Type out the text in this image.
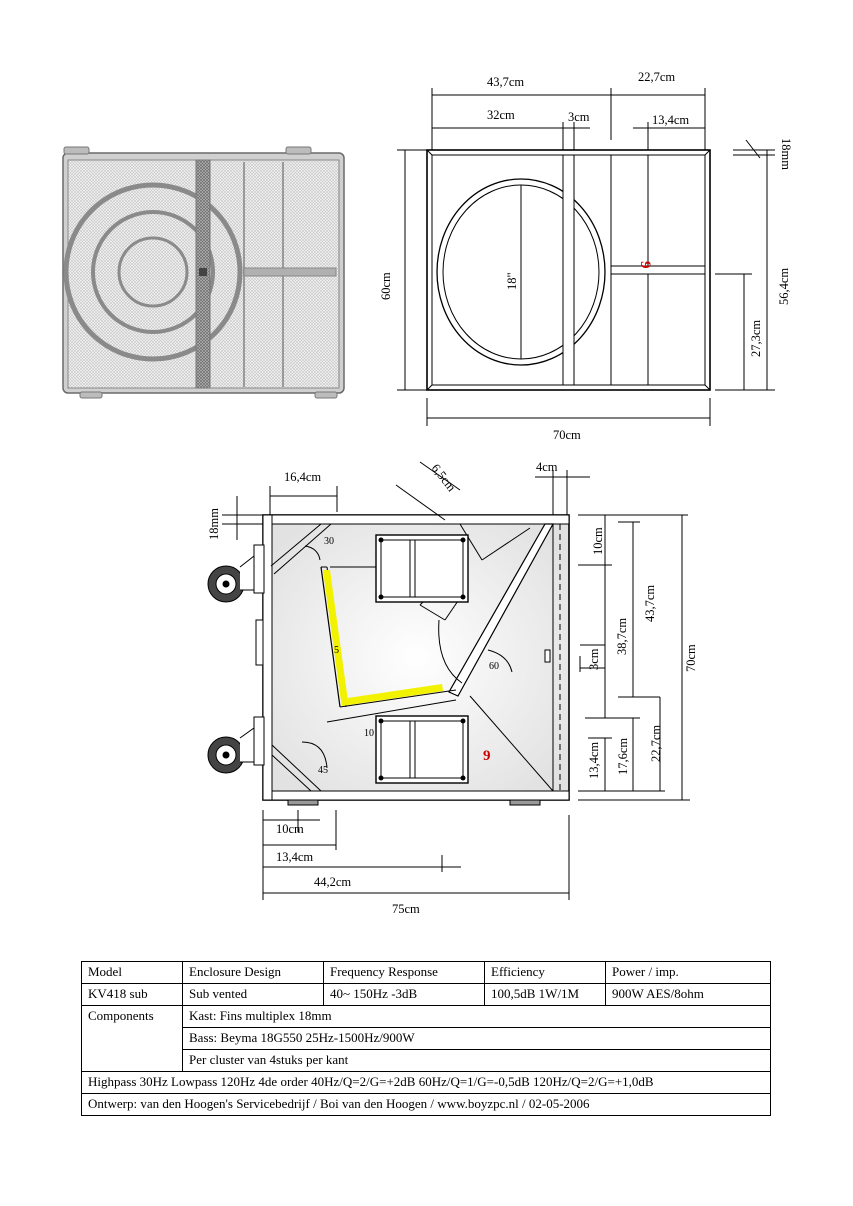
43,7cm	22,7cm
32cm	3cm	13,4cm
60cm
70cm
18mm
56,4cm
27,3cm
18"
9
16,4cm	6,5cm	4cm
18mm
30
5
10
60
45
9
10cm
38,7cm
43,7cm
70cm
3cm
13,4cm 17,6cm 22,7cm
10cm
13,4cm
44,2cm
75cm
Model	Enclosure Design	Frequency Response	Efficiency	Power / imp.
KV418 sub	Sub vented	40~ 150Hz -3dB	100,5dB 1W/1M	900W AES/8ohm
Components	Kast: Fins multiplex 18mm			
	Bass: Beyma 18G550 25Hz-1500Hz/900W			
	Per cluster van 4stuks per kant			
Highpass 30Hz Lowpass 120Hz 4de order 40Hz/Q=2/G=+2dB 60Hz/Q=1/G=-0,5dB 120Hz/Q=2/G=+1,0dB				
Ontwerp: van den Hoogen's Servicebedrijf / Boi van den Hoogen / www.boyzpc.nl / 02-05-2006				
